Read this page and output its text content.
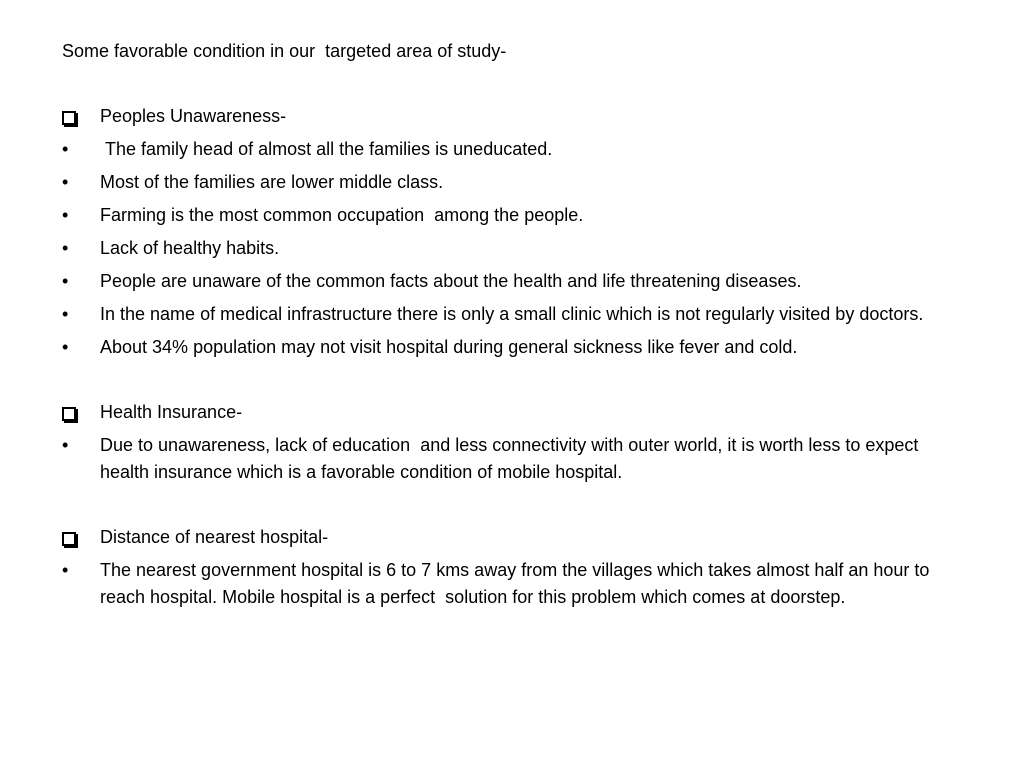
Some favorable condition in our  targeted area of study-

Peoples Unawareness-
• The family head of almost all the families is uneducated.
• Most of the families are lower middle class.
• Farming is the most common occupation  among the people.
• Lack of healthy habits.
• People are unaware of the common facts about the health and life threatening diseases.
• In the name of medical infrastructure there is only a small clinic which is not regularly visited by doctors.
• About 34% population may not visit hospital during general sickness like fever and cold.
Health Insurance-
• Due to unawareness, lack of education  and less connectivity with outer world, it is worth less to expect health insurance which is a favorable condition of mobile hospital.
Distance of nearest hospital-
• The nearest government hospital is 6 to 7 kms away from the villages which takes almost half an hour to reach hospital. Mobile hospital is a perfect  solution for this problem which comes at doorstep.
